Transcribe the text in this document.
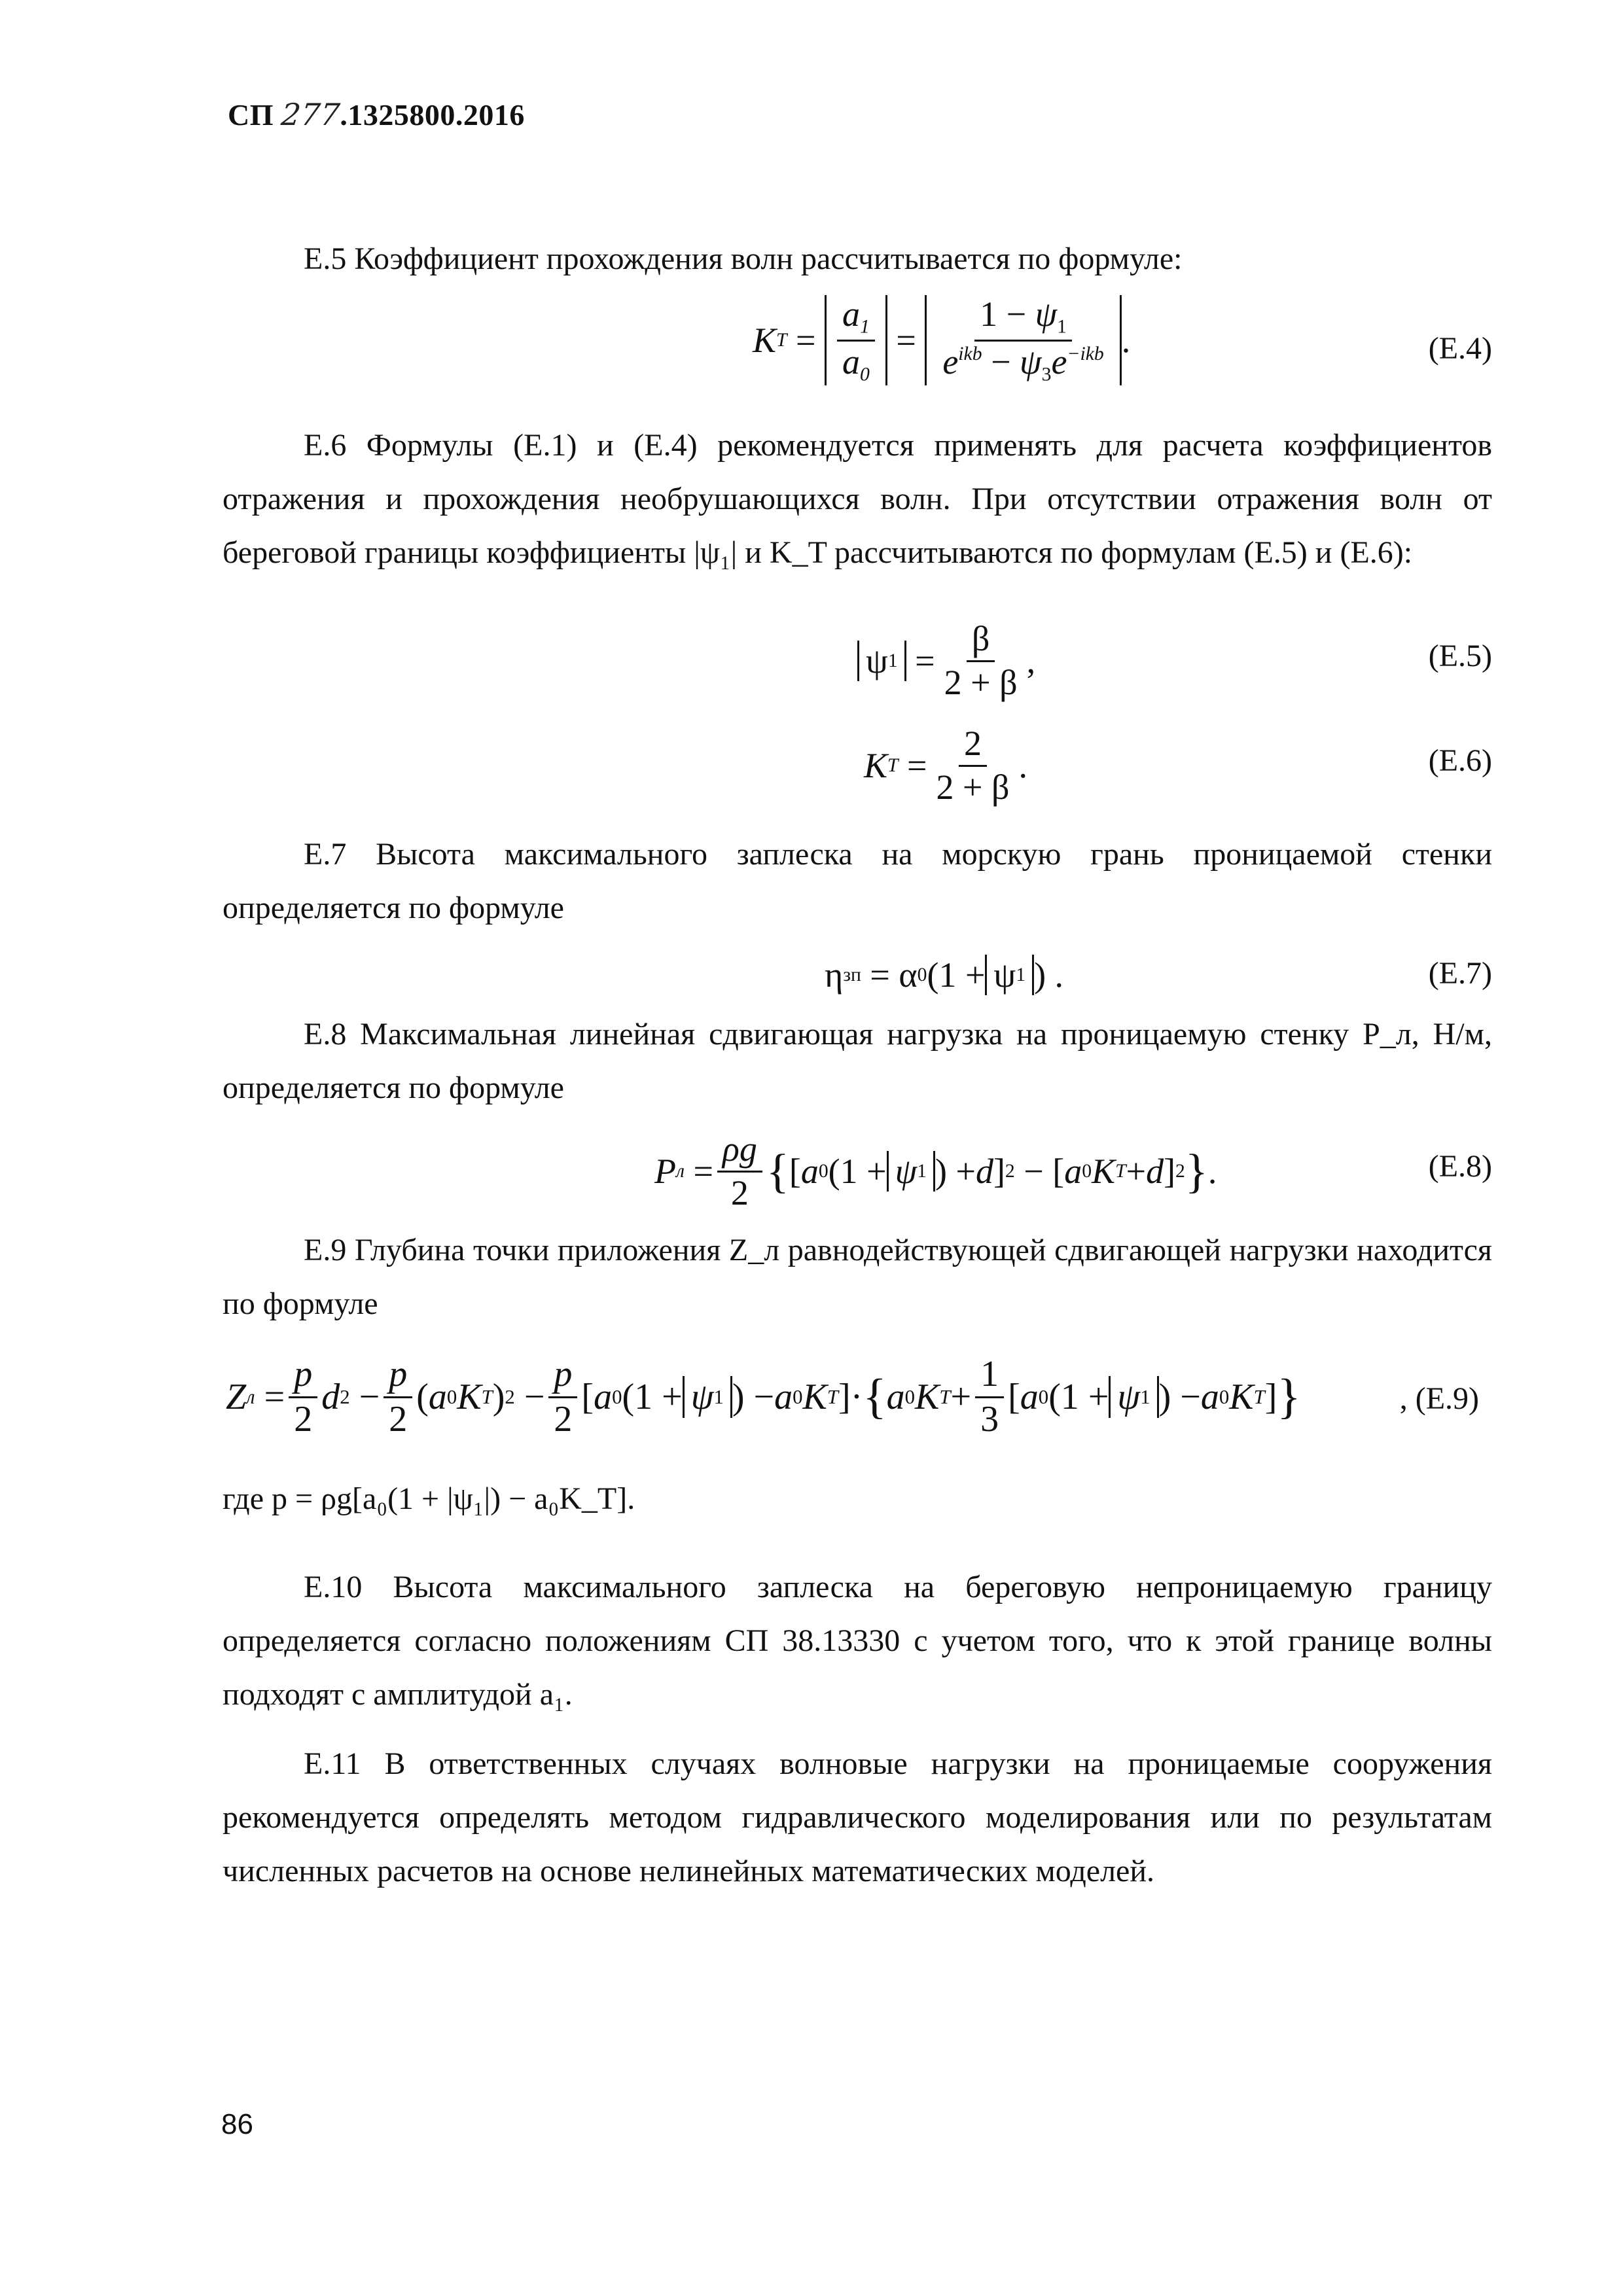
СП 277.1325800.2016
Е.5 Коэффициент прохождения волн рассчитывается по формуле:
K $T = \frac{a_1}{a_0} = \frac{1 - \psi_1}{e^{ikb} - \psi_3e^{-ikb}}$ .	(Е.4)
Е.6 Формулы (Е.1) и (Е.4) рекомендуется применять для расчета коэффициентов отражения и прохождения необрушающихся волн. При отсутствии отражения волн от береговой границы коэффициенты |ψ₁| и K_T рассчитываются по формулам (Е.5) и (Е.6):
ψ $1 = \frac{\beta}{2 + \beta}$ ,	(Е.5)
K $T = \frac{2}{2 + \beta}$ .	(Е.6)
Е.7 Высота максимального заплеска на морскую грань проницаемой стенки определяется по формуле
η зп = α 0 (1 + ψ 1 ) .	(Е.7)
Е.8 Максимальная линейная сдвигающая нагрузка на проницаемую стенку P_л, Н/м, определяется по формуле
P $л = \frac{\rho g}{2}$ { [ a 0 (1 + ψ 1 ) + d ] 2 − [ a 0 K T + d ] 2 } .	(Е.8)
Е.9 Глубина точки приложения Z_л равнодействующей сдвигающей нагрузки находится по формуле
Z $л = \frac{p}{2}$ d $2 - \frac{p}{2}$ ( a 0 K T ) $2 - \frac{p}{2}$ [ a 0 (1 + ψ 1 ) − a 0 K T ]· { a 0 K $T + \frac{1}{3}$ [ a 0 (1 + ψ 1 ) − a 0 K T ] }	, (Е.9)
где p = ρg[a₀(1 + |ψ₁|) − a₀K_T].
Е.10 Высота максимального заплеска на береговую непроницаемую границу определяется согласно положениям СП 38.13330 с учетом того, что к этой границе волны подходят с амплитудой a₁.
Е.11 В ответственных случаях волновые нагрузки на проницаемые сооружения рекомендуется определять методом гидравлического моделирования или по результатам численных расчетов на основе нелинейных математических моделей.
86
